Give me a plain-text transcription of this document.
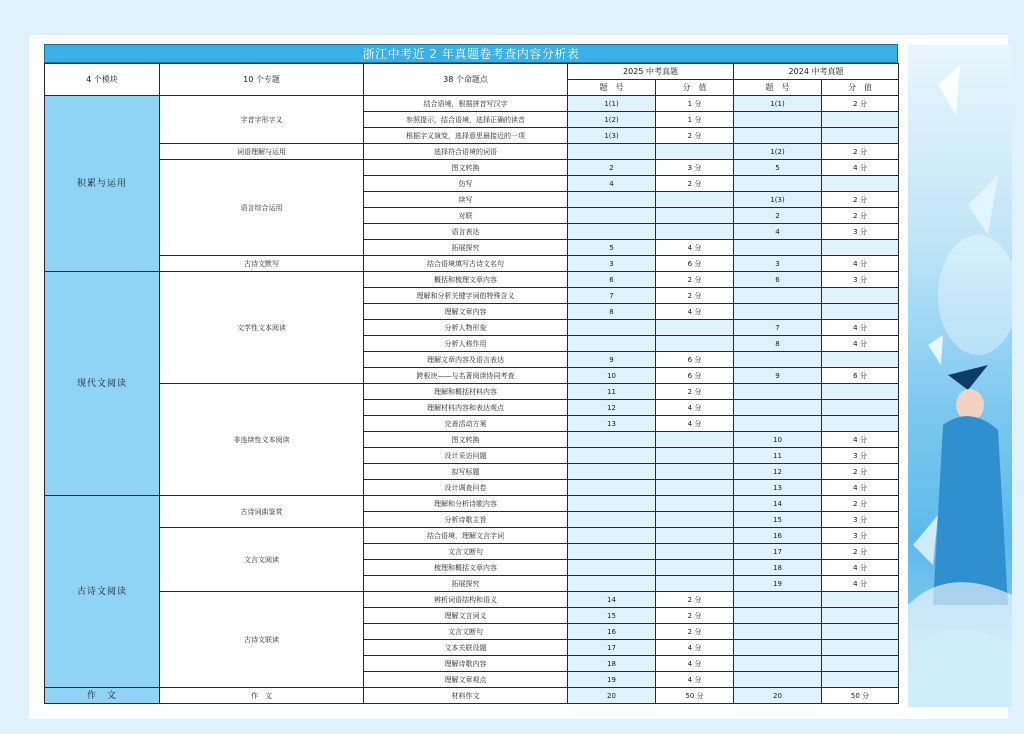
浙江中考近 2 年真题卷考查内容分析表
4 个模块	10 个专题	38 个命题点	2025 中考真题		2024 中考真题	
			题　号	分　值	题　号	分　值
积累与运用	字音字形字义	结合语境，根据拼音写汉字	1(1)	1 分	1(1)	2 分
		参照提示，结合语境，选择正确的读音	1(2)	1 分		
		根据字义演变，选择意思最接近的一项	1(3)	2 分		
	词语理解与运用	选择符合语境的词语			1(2)	2 分
	语言综合运用	图文转换	2	3 分	5	4 分
		仿写	4	2 分		
		续写			1(3)	2 分
		对联			2	2 分
		语言表达			4	3 分
		拓展探究	5	4 分		
	古诗文默写	结合语境填写古诗文名句	3	6 分	3	4 分
现代文阅读	文学性文本阅读	概括和梳理文章内容	6	2 分	6	3 分
		理解和分析关键字词的特殊含义	7	2 分		
		理解文章内容	8	4 分		
		分析人物形象			7	4 分
		分析人称作用			8	4 分
		理解文章内容及语言表达	9	6 分		
		跨板块——与名著阅读协同考查	10	6 分	9	6 分
	非连续性文本阅读	理解和概括材料内容	11	2 分		
		理解材料内容和表达观点	12	4 分		
		完善活动方案	13	4 分		
		图文转换			10	4 分
		设计采访问题			11	3 分
		拟写标题			12	2 分
		设计调查问卷			13	4 分
古诗文阅读	古诗词曲鉴赏	理解和分析诗歌内容			14	2 分
		分析诗歌主旨			15	3 分
	文言文阅读	结合语境，理解文言字词			16	3 分
		文言文断句			17	2 分
		梳理和概括文章内容			18	4 分
		拓展探究			19	4 分
	古诗文联读	辨析词语结构和语义	14	2 分		
		理解文言词义	15	2 分		
		文言文断句	16	2 分		
		文本关联设题	17	4 分		
		理解诗歌内容	18	4 分		
		理解文章观点	19	4 分		
作　文	作　文	材料作文	20	50 分	20	50 分
